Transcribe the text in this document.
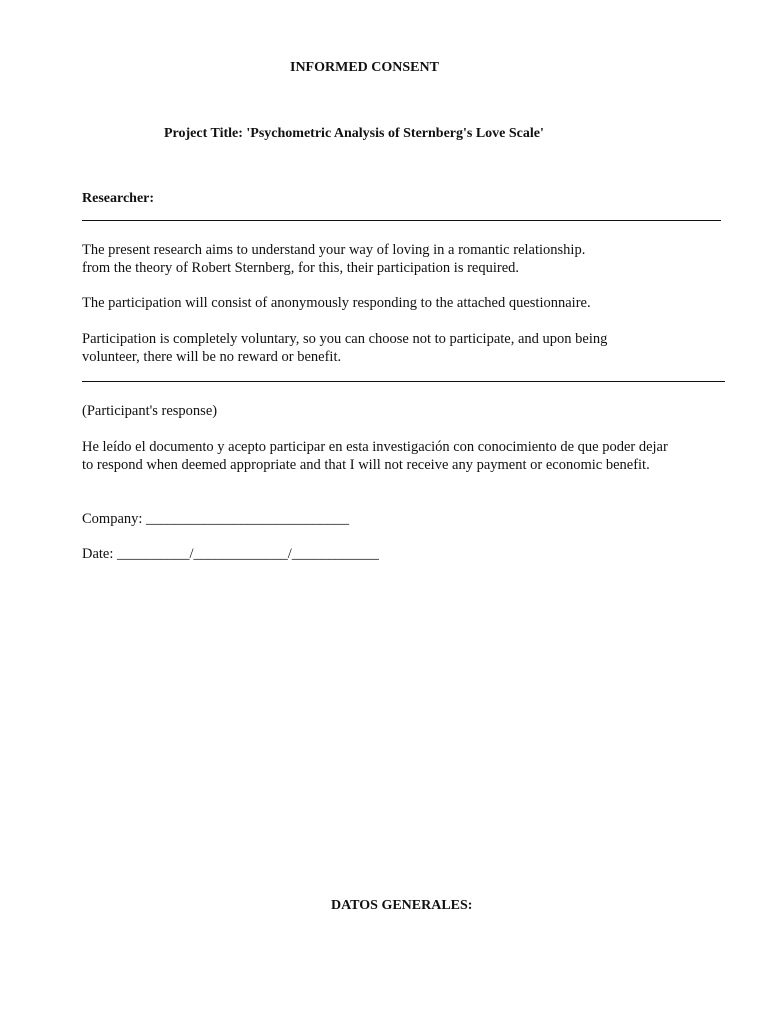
INFORMED CONSENT
Project Title: 'Psychometric Analysis of Sternberg's Love Scale'
Researcher:
The present research aims to understand your way of loving in a romantic relationship.
from the theory of Robert Sternberg, for this, their participation is required.
The participation will consist of anonymously responding to the attached questionnaire.
Participation is completely voluntary, so you can choose not to participate, and upon being
volunteer, there will be no reward or benefit.
(Participant's response)
He leído el documento y acepto participar en esta investigación con conocimiento de que poder dejar
to respond when deemed appropriate and that I will not receive any payment or economic benefit.
Company: ____________________________
Date: __________/_____________/____________
DATOS GENERALES:
